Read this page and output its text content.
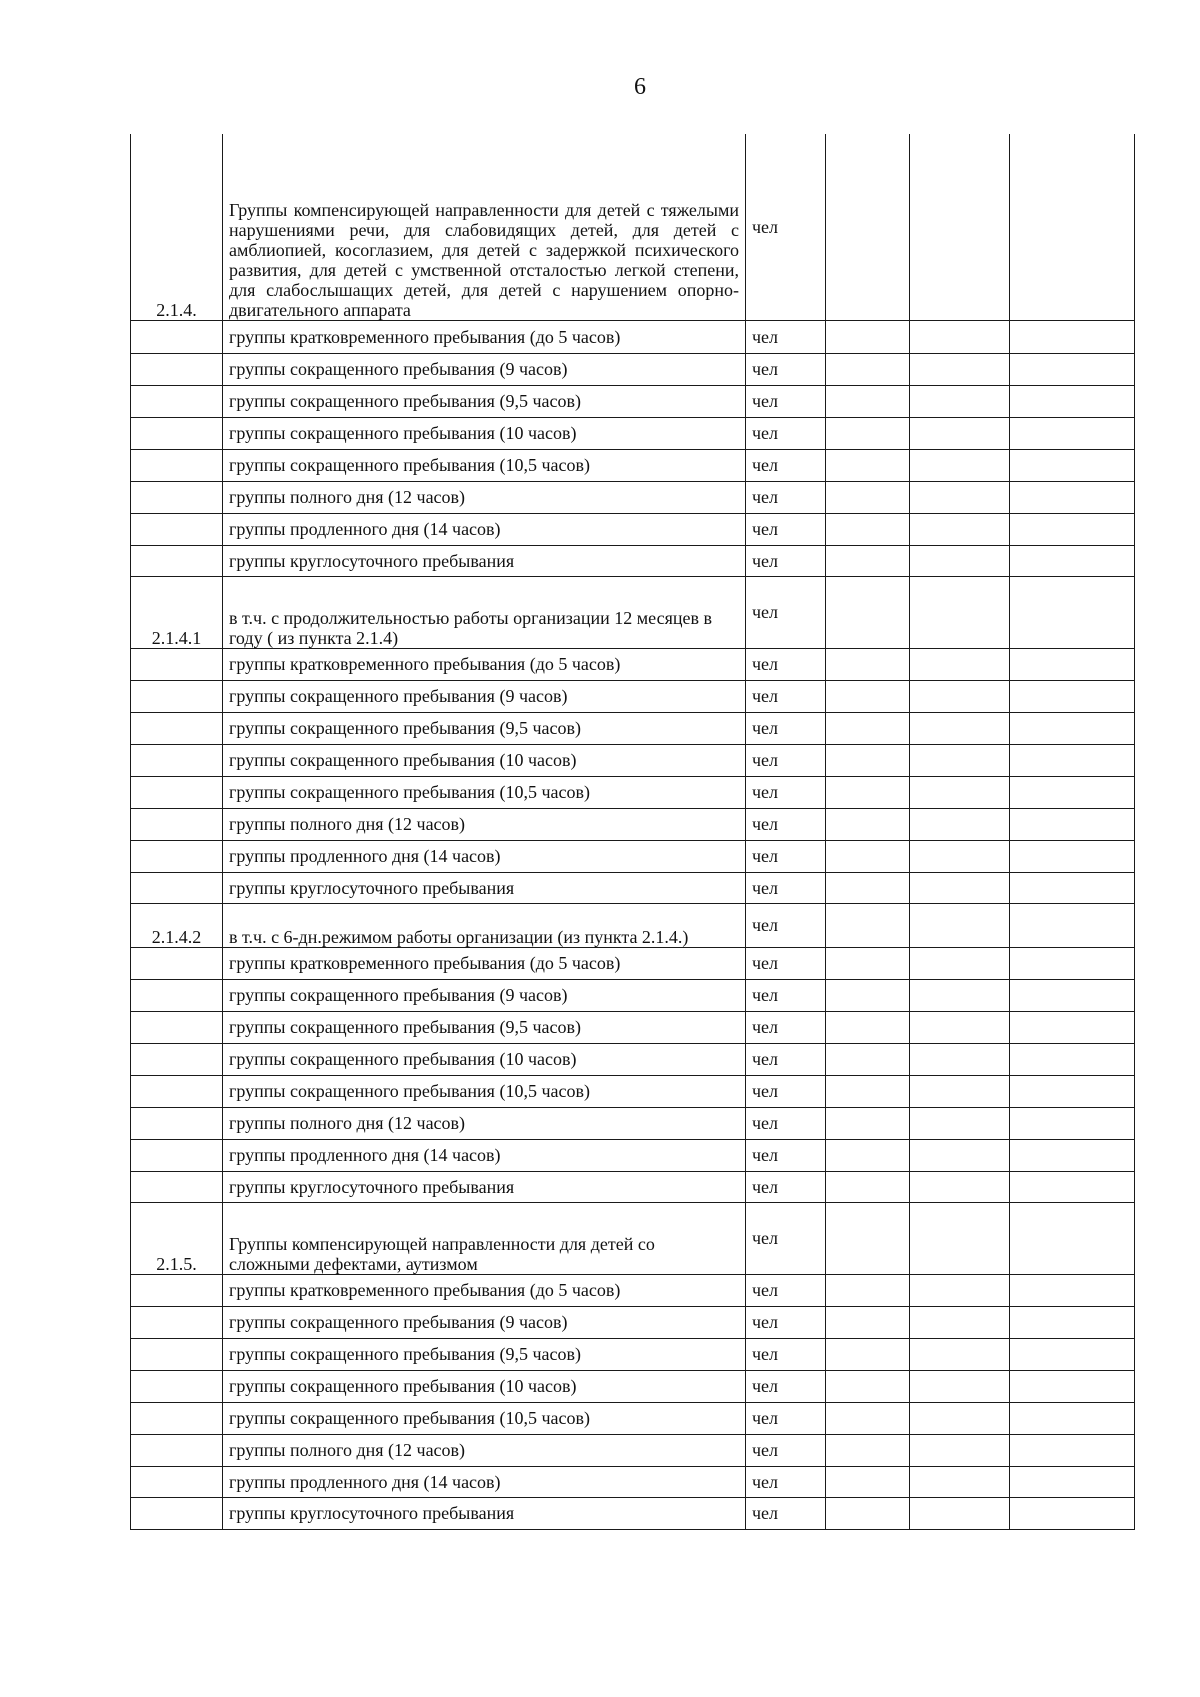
6
2.1.4.	Группы компенсирующей направленности для детей с тяжелыми нарушениями речи, для слабовидящих детей, для детей с амблиопией, косоглазием, для детей с задержкой психического развития, для детей с умственной отсталостью легкой степени, для слабослышащих детей, для детей с нарушением опорно-двигательного аппарата	чел			
	группы кратковременного пребывания (до 5 часов)	чел			
	группы сокращенного пребывания (9 часов)	чел			
	группы сокращенного пребывания (9,5 часов)	чел			
	группы сокращенного пребывания (10 часов)	чел			
	группы сокращенного пребывания (10,5 часов)	чел			
	группы полного дня (12 часов)	чел			
	группы продленного дня (14 часов)	чел			
	группы круглосуточного пребывания	чел			
2.1.4.1	в т.ч. с продолжительностью работы организации 12 месяцев в году ( из пункта 2.1.4)	чел			
	группы кратковременного пребывания (до 5 часов)	чел			
	группы сокращенного пребывания (9 часов)	чел			
	группы сокращенного пребывания (9,5 часов)	чел			
	группы сокращенного пребывания (10 часов)	чел			
	группы сокращенного пребывания (10,5 часов)	чел			
	группы полного дня (12 часов)	чел			
	группы продленного дня (14 часов)	чел			
	группы круглосуточного пребывания	чел			
2.1.4.2	в т.ч. с 6-дн.режимом работы организации (из пункта 2.1.4.)	чел			
	группы кратковременного пребывания (до 5 часов)	чел			
	группы сокращенного пребывания (9 часов)	чел			
	группы сокращенного пребывания (9,5 часов)	чел			
	группы сокращенного пребывания (10 часов)	чел			
	группы сокращенного пребывания (10,5 часов)	чел			
	группы полного дня (12 часов)	чел			
	группы продленного дня (14 часов)	чел			
	группы круглосуточного пребывания	чел			
2.1.5.	Группы компенсирующей направленности для детей со сложными дефектами, аутизмом	чел			
	группы кратковременного пребывания (до 5 часов)	чел			
	группы сокращенного пребывания (9 часов)	чел			
	группы сокращенного пребывания (9,5 часов)	чел			
	группы сокращенного пребывания (10 часов)	чел			
	группы сокращенного пребывания (10,5 часов)	чел			
	группы полного дня (12 часов)	чел			
	группы продленного дня (14 часов)	чел			
	группы круглосуточного пребывания	чел			
